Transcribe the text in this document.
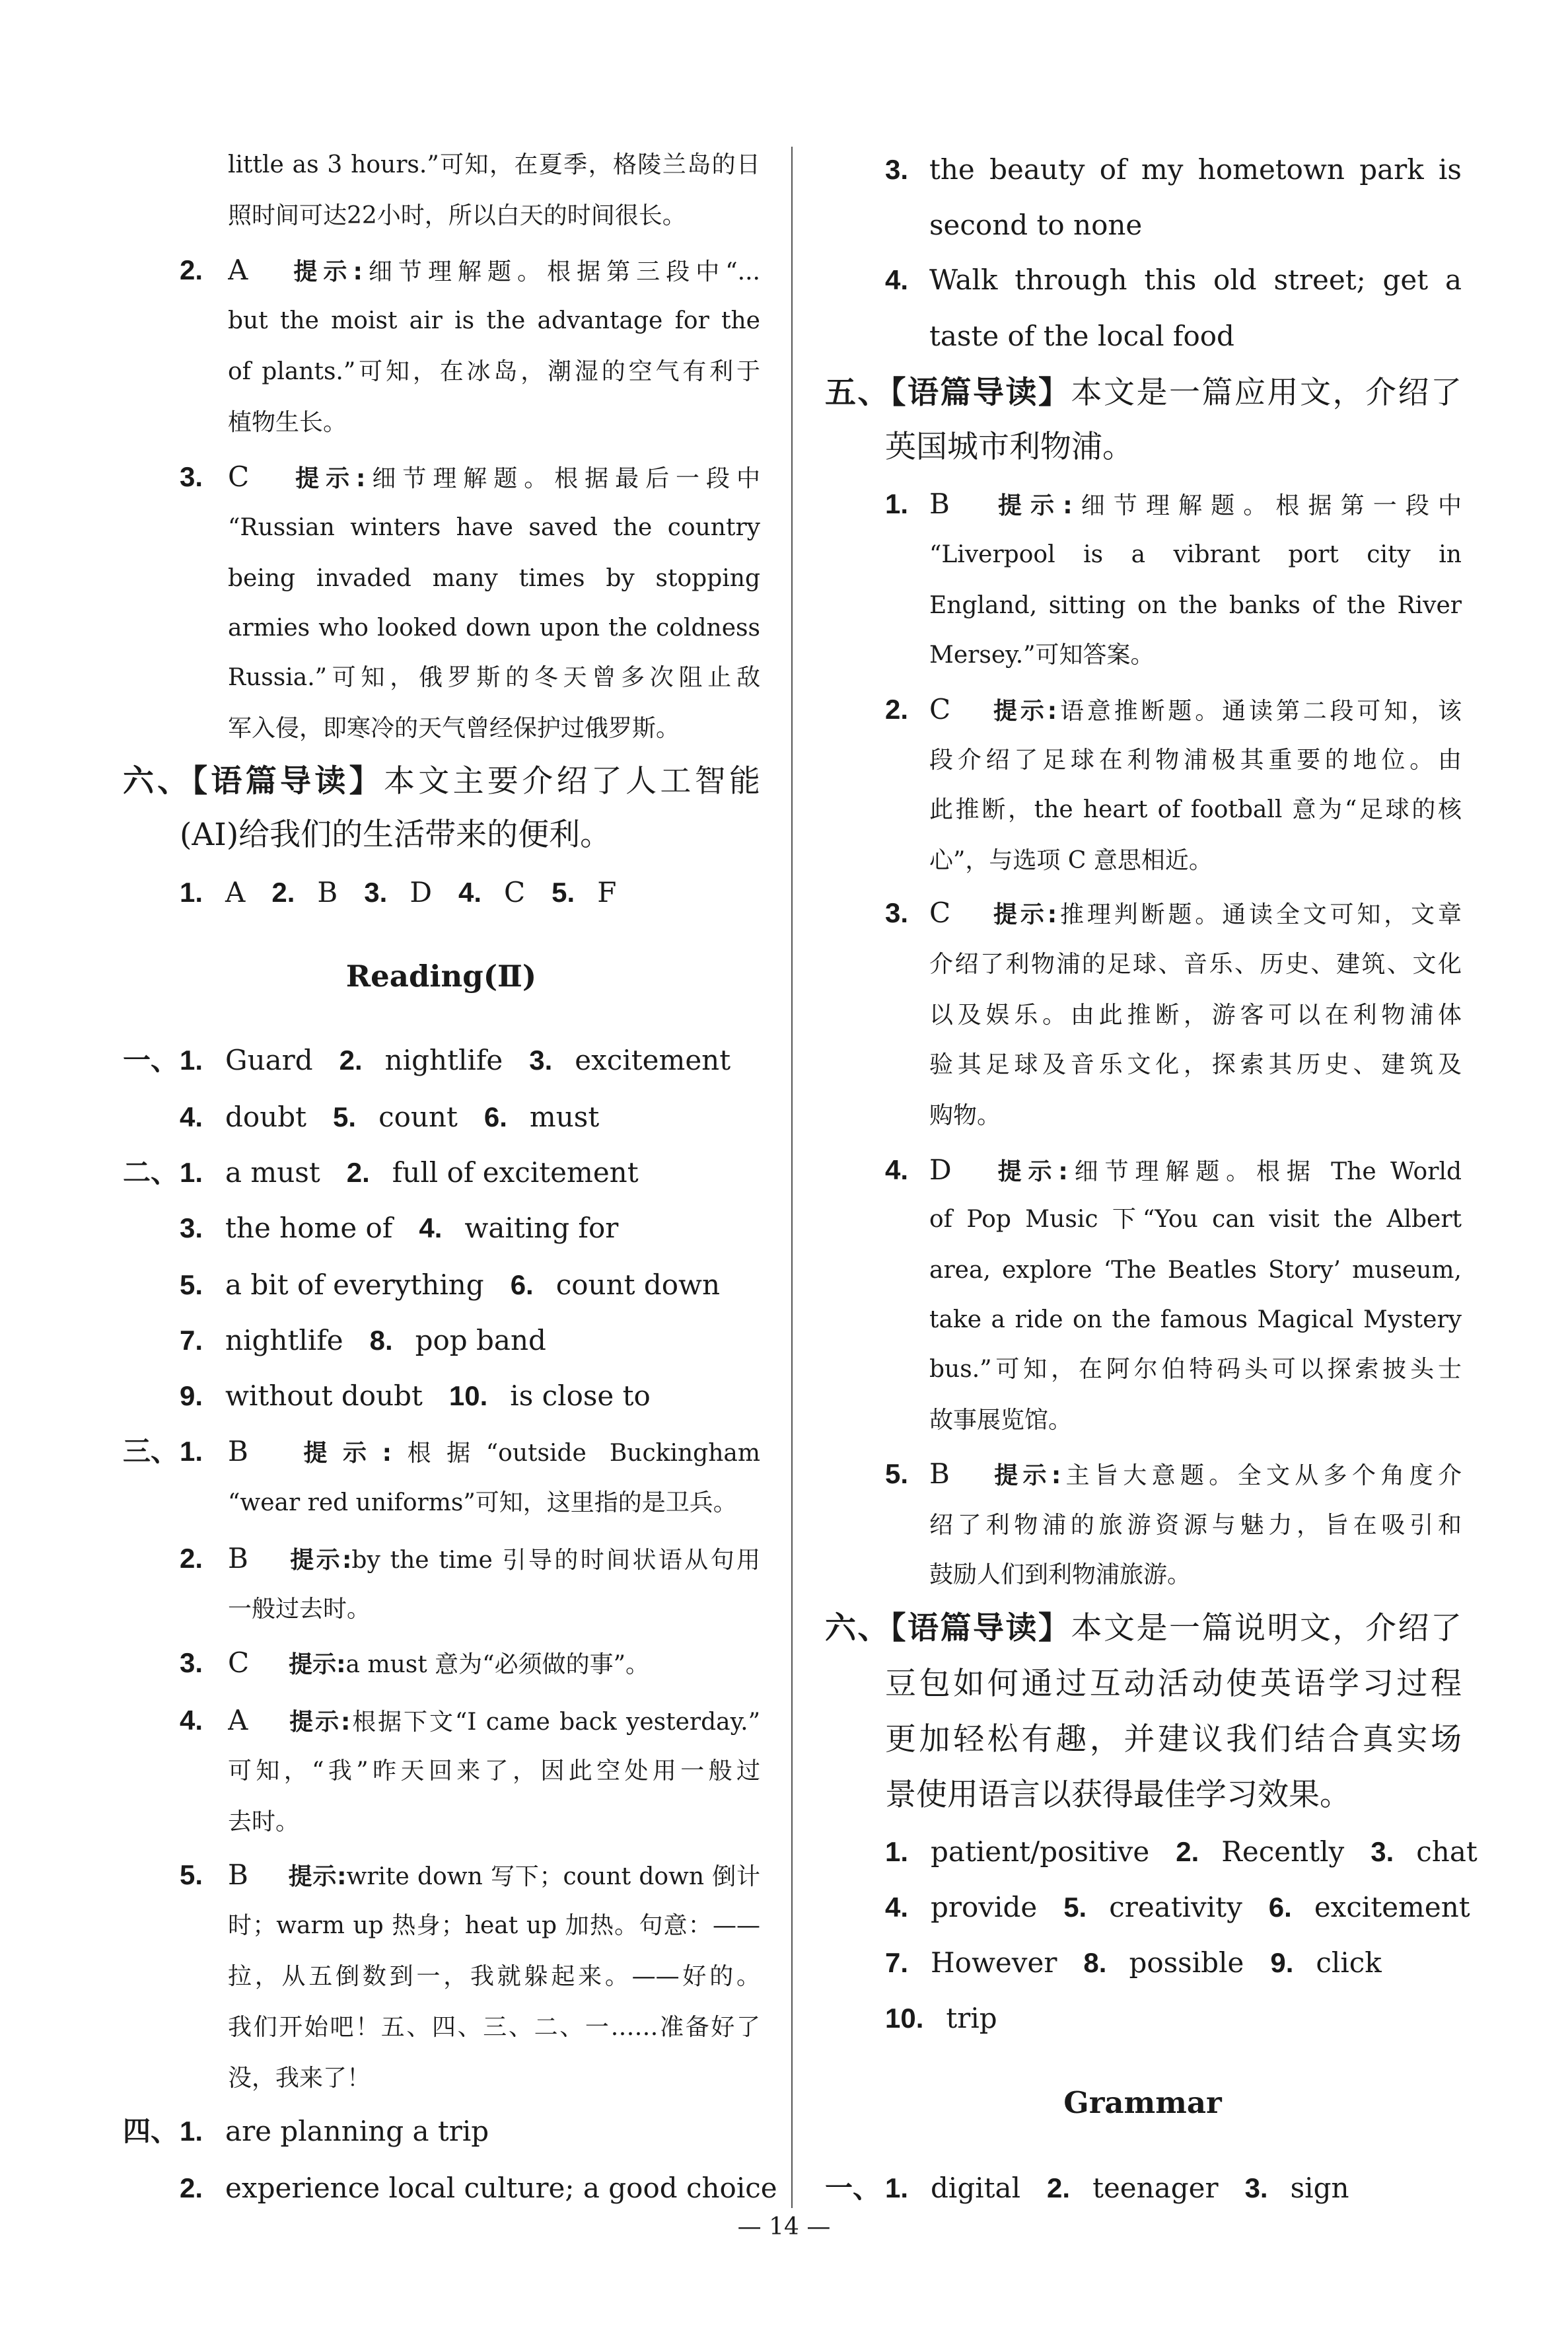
little as 3 hours.”可知，在夏季，格陵兰岛的日
照时间可达22小时，所以白天的时间很长。
2. A 提示:细节理解题。根据第三段中“...
but the moist air is the advantage for the
of plants.”可知，在冰岛，潮湿的空气有利于
植物生长。
3. C 提示:细节理解题。根据最后一段中
“Russian winters have saved the country
being invaded many times by stopping
armies who looked down upon the coldness
Russia.”可知，俄罗斯的冬天曾多次阻止敌
军入侵，即寒冷的天气曾经保护过俄罗斯。
六、【语篇导读】本文主要介绍了人工智能
(AI)给我们的生活带来的便利。
1. A 2. B 3. D 4. C 5. F
Reading(Ⅱ)
一、 1. Guard 2. nightlife 3. excitement
4. doubt 5. count 6. must
二、 1. a must 2. full of excitement
3. the home of 4. waiting for
5. a bit of everything 6. count down
7. nightlife 8. pop band
9. without doubt 10. is close to
三、 1. B 提示:根据“outside Buckingham
“wear red uniforms”可知，这里指的是卫兵。
2. B 提示:by the time 引导的时间状语从句用
一般过去时。
3. C 提示:a must 意为“必须做的事”。
4. A 提示:根据下文“I came back yesterday.”
可知，“我”昨天回来了，因此空处用一般过
去时。
5. B 提示:write down 写下；count down 倒计
时；warm up 热身；heat up 加热。句意：——
拉，从五倒数到一，我就躲起来。——好的。
我们开始吧！五、四、三、二、一……准备好了
没，我来了！
四、 1. are planning a trip
2. experience local culture; a good choice
3. the beauty of my hometown park is
second to none
4. Walk through this old street; get a
taste of the local food
五、【语篇导读】本文是一篇应用文，介绍了
英国城市利物浦。
1. B 提示:细节理解题。根据第一段中
“Liverpool is a vibrant port city in
England, sitting on the banks of the River
Mersey.”可知答案。
2. C 提示:语意推断题。通读第二段可知，该
段介绍了足球在利物浦极其重要的地位。由
此推断，the heart of football 意为“足球的核
心”，与选项 C 意思相近。
3. C 提示:推理判断题。通读全文可知，文章
介绍了利物浦的足球、音乐、历史、建筑、文化
以及娱乐。由此推断，游客可以在利物浦体
验其足球及音乐文化，探索其历史、建筑及
购物。
4. D 提示:细节理解题。根据 The World
of Pop Music 下“You can visit the Albert
area, explore ‘The Beatles Story’ museum,
take a ride on the famous Magical Mystery
bus.”可知，在阿尔伯特码头可以探索披头士
故事展览馆。
5. B 提示:主旨大意题。全文从多个角度介
绍了利物浦的旅游资源与魅力，旨在吸引和
鼓励人们到利物浦旅游。
六、【语篇导读】本文是一篇说明文，介绍了
豆包如何通过互动活动使英语学习过程
更加轻松有趣，并建议我们结合真实场
景使用语言以获得最佳学习效果。
1. patient/positive 2. Recently 3. chat
4. provide 5. creativity 6. excitement
7. However 8. possible 9. click
10. trip
Grammar
一、 1. digital 2. teenager 3. sign
— 14 —
